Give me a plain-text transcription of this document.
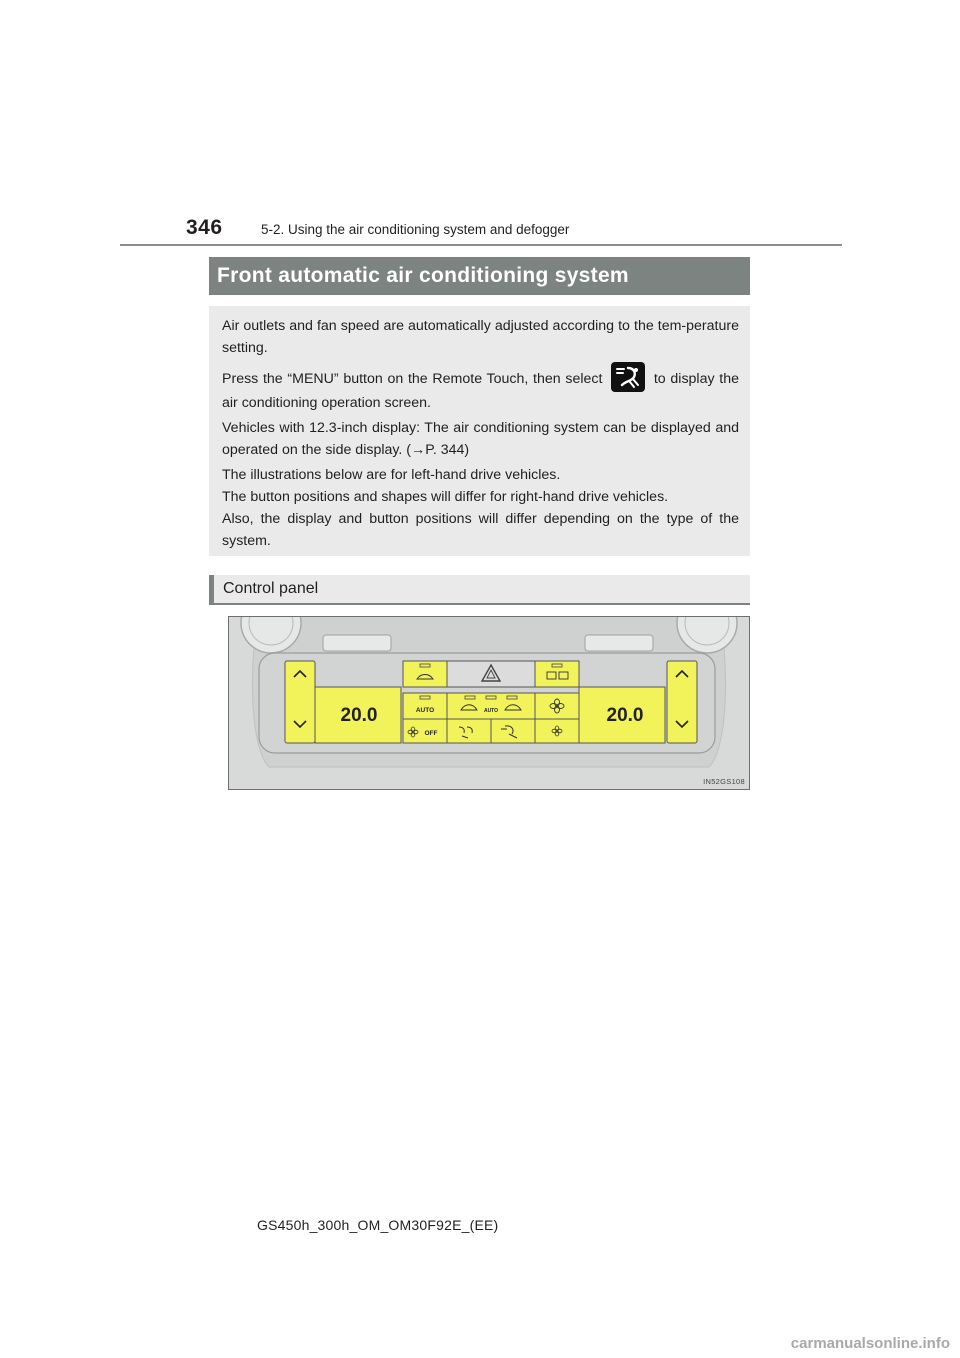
346	5-2. Using the air conditioning system and defogger
Front automatic air conditioning system

Air outlets and fan speed are automatically adjusted according to the tem-perature setting.

Press the “MENU” button on the Remote Touch, then select	to display the air conditioning operation screen.

Vehicles with 12.3-inch display: The air conditioning system can be displayed and operated on the side display. (→P. 344)

The illustrations below are for left-hand drive vehicles.

The button positions and shapes will differ for right-hand drive vehicles.

Also, the display and button positions will differ depending on the type of the system.

Control panel
20.0	AUTO	AUTO
OFF
20.0
IN52GS108
GS450h_300h_OM_OM30F92E_(EE)
carmanualsonline.info
